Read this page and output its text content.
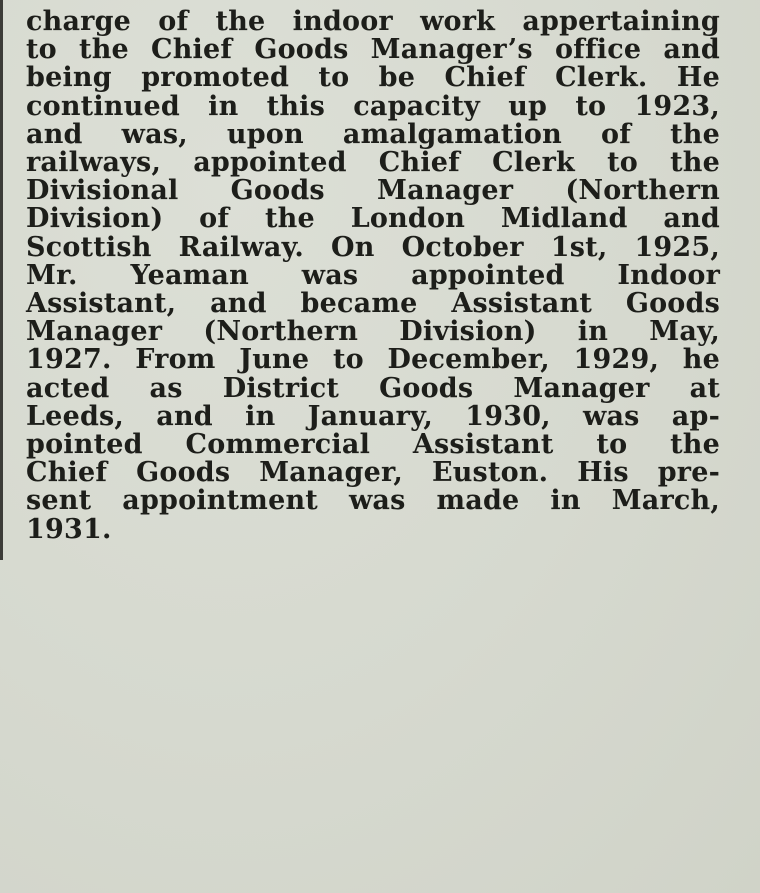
charge of the indoor work appertaining
to the Chief Goods Manager’s office and
being promoted to be Chief Clerk. He
continued in this capacity up to 1923,
and was, upon amalgamation of the
railways, appointed Chief Clerk to the
Divisional Goods Manager (Northern
Division) of the London Midland and
Scottish Railway. On October 1st, 1925,
Mr. Yeaman was appointed Indoor
Assistant, and became Assistant Goods
Manager (Northern Division) in May,
1927. From June to December, 1929, he
acted as District Goods Manager at
Leeds, and in January, 1930, was ap-
pointed Commercial Assistant to the
Chief Goods Manager, Euston. His pre-
sent appointment was made in March,
1931.
